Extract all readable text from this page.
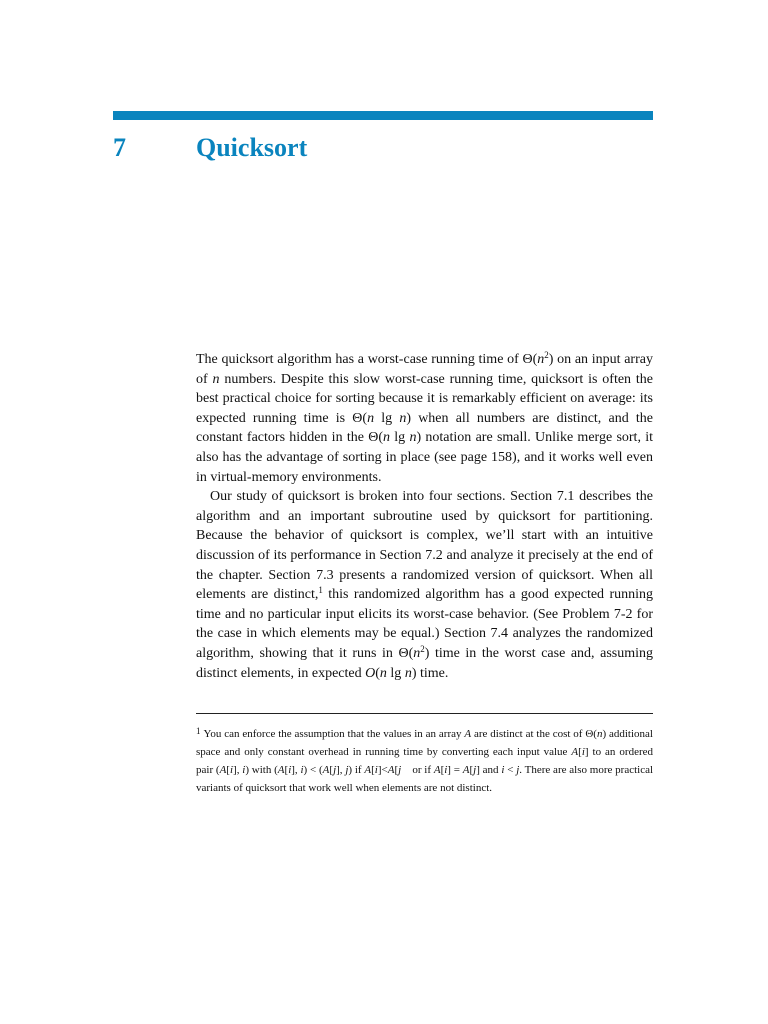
7	Quicksort

The quicksort algorithm has a worst-case running time of $\Theta(n^2)$ on an input array of n numbers. Despite this slow worst-case running time, quicksort is often the best practical choice for sorting because it is remarkably efficient on average: its expected running time is Θ(n lg n) when all numbers are distinct, and the constant factors hidden in the Θ(n lg n) notation are small. Unlike merge sort, it also has the advantage of sorting in place (see page 158), and it works well even in virtual-memory environments.

Our study of quicksort is broken into four sections. Section 7.1 describes the algorithm and an important subroutine used by quicksort for partitioning. Because the behavior of quicksort is complex, we’ll start with an intuitive discussion of its performance in Section 7.2 and analyze it precisely at the end of the chapter. Section 7.3 presents a randomized version of quicksort. When all elements are distinct,$^1$ this randomized algorithm has a good expected running time and no particular input elicits its worst-case behavior. (See Problem 7-2 for the case in which elements may be equal.) Section 7.4 analyzes the randomized algorithm, showing that it runs in $\Theta(n^2)$ time in the worst case and, assuming distinct elements, in expected O(n lg n) time.

$^1$ You can enforce the assumption that the values in an array A are distinct at the cost of Θ(n) additional space and only constant overhead in running time by converting each input value A[i] to an ordered pair (A[i], i) with (A[i], i) < (A[j], j) if A[i]<A[j    or if A[i] = A[j] and i < j. There are also more practical variants of quicksort that work well when elements are not distinct.
